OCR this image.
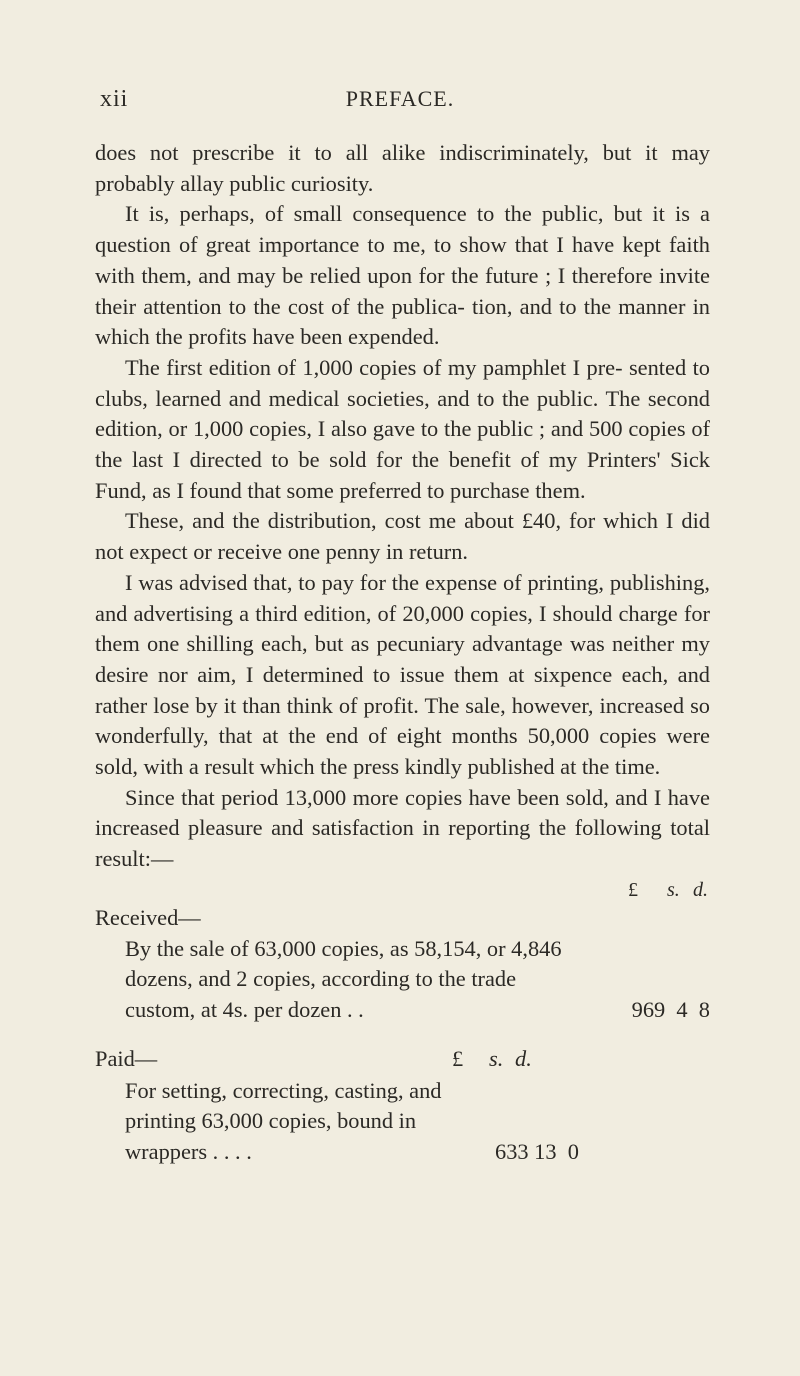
xii	PREFACE.

does not prescribe it to all alike indiscriminately, but it may probably allay public curiosity.

It is, perhaps, of small consequence to the public, but it is a question of great importance to me, to show that I have kept faith with them, and may be relied upon for the future ; I therefore invite their attention to the cost of the publica- tion, and to the manner in which the profits have been expended.

The first edition of 1,000 copies of my pamphlet I pre- sented to clubs, learned and medical societies, and to the public. The second edition, or 1,000 copies, I also gave to the public ; and 500 copies of the last I directed to be sold for the benefit of my Printers' Sick Fund, as I found that some preferred to purchase them.

These, and the distribution, cost me about £40, for which I did not expect or receive one penny in return.

I was advised that, to pay for the expense of printing, publishing, and advertising a third edition, of 20,000 copies, I should charge for them one shilling each, but as pecuniary advantage was neither my desire nor aim, I determined to issue them at sixpence each, and rather lose by it than think of profit. The sale, however, increased so wonderfully, that at the end of eight months 50,000 copies were sold, with a result which the press kindly published at the time.

Since that period 13,000 more copies have been sold, and I have increased pleasure and satisfaction in reporting the following total result:—

£ s. d.
Received—
By the sale of 63,000 copies, as 58,154, or 4,846 dozens, and 2 copies, according to the trade custom, at 4s. per dozen . .	969  4  8
Paid—	£ s. d.
For setting, correcting, casting, and printing 63,000 copies, bound in wrappers . . . .	633 13  0
